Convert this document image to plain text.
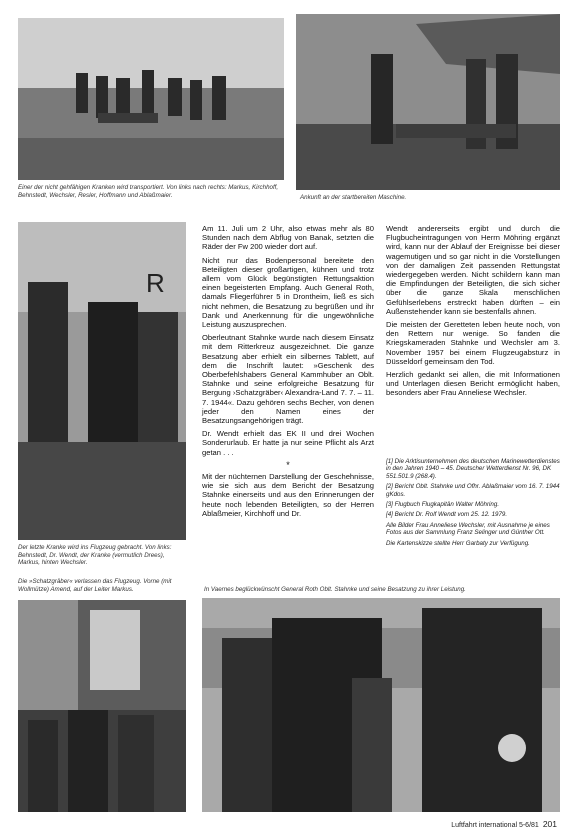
Einer der nicht gehfähigen Kranken wird transportiert. Von links nach rechts: Markus, Kirchhoff, Behnstedt, Wechsler, Resler, Hoffmann und Ablaßmaier.	Ankunft an der startbereiten Maschine.
R
Der letzte Kranke wird ins Flugzeug gebracht. Von links: Behnstedt, Dr. Wendt, der Kranke (vermutlich Drees), Markus, hinten Wechsler.
Die »Schatzgräber« verlassen das Flugzeug. Vorne (mit Wollmütze) Amend, auf der Leiter Markus.	In Vaernes beglückwünscht General Roth Oblt. Stahnke und seine Besatzung zu ihrer Leistung.

Am 11. Juli um 2 Uhr, also etwas mehr als 80 Stunden nach dem Abflug von Banak, setzten die Räder der Fw 200 wieder dort auf.

Nicht nur das Bodenpersonal bereitete den Beteiligten dieser großartigen, kühnen und trotz allem vom Glück begünstigten Rettungsaktion einen begeisterten Empfang. Auch General Roth, damals Fliegerführer 5 in Drontheim, ließ es sich nicht nehmen, die Besatzung zu begrüßen und ihr Dank und Anerkennung für die ungewöhnliche Leistung auszusprechen.

Oberleutnant Stahnke wurde nach diesem Einsatz mit dem Ritterkreuz ausgezeichnet. Die ganze Besatzung aber erhielt ein silbernes Tablett, auf dem die Inschrift lautet: »Geschenk des Oberbefehlshabers General Kammhuber an Oblt. Stahnke und seine erfolgreiche Besatzung für Bergung ›Schatzgräber‹ Alexandra-Land 7. 7. – 11. 7. 1944«. Dazu gehören sechs Becher, von denen jeder den Namen eines der Besatzungsangehörigen trägt.

Dr. Wendt erhielt das EK II und drei Wochen Sonderurlaub. Er hatte ja nur seine Pflicht als Arzt getan . . .

*

Mit der nüchternen Darstellung der Geschehnisse, wie sie sich aus dem Bericht der Besatzung Stahnke einerseits und aus den Erinnerungen der heute noch lebenden Beteiligten, so der Herren Ablaßmeier, Kirchhoff und Dr.

Wendt andererseits ergibt und durch die Flugbucheintragungen von Herrn Möhring ergänzt wird, kann nur der Ablauf der Ereignisse bei dieser wagemutigen und so gar nicht in die Vorstellungen von der damaligen Zeit passenden Rettungstat wiedergegeben werden. Nicht schildern kann man die Empfindungen der Beteiligten, die sich sicher über die ganze Skala menschlichen Gefühlserlebens erstreckt haben dürften – ein Außenstehender kann sie bestenfalls ahnen.

Die meisten der Geretteten leben heute noch, von den Rettern nur wenige. So fanden die Kriegskameraden Stahnke und Wechsler am 3. November 1957 bei einem Flugzeugabsturz in Düsseldorf gemeinsam den Tod.

Herzlich gedankt sei allen, die mit Informationen und Unterlagen diesen Bericht ermöglicht haben, besonders aber Frau Anneliese Wechsler.

[1] Die Arktisunternehmen des deutschen Marinewetterdienstes in den Jahren 1940 – 45. Deutscher Wetterdienst Nr. 96, DK 551.501.9 (268.4).

[2] Bericht Oblt. Stahnke und Ofhr. Ablaßmaier vom 16. 7. 1944 gKdos.

[3] Flugbuch Flugkapitän Walter Möhring.

[4] Bericht Dr. Rolf Wendt vom 25. 12. 1979.

Alle Bilder Frau Anneliese Wechsler, mit Ausnahme je eines Fotos aus der Sammlung Franz Selinger und Günther Ott.

Die Kartenskizze stellte Herr Garbaty zur Verfügung.

Luftfahrt international 5-6/81 201
